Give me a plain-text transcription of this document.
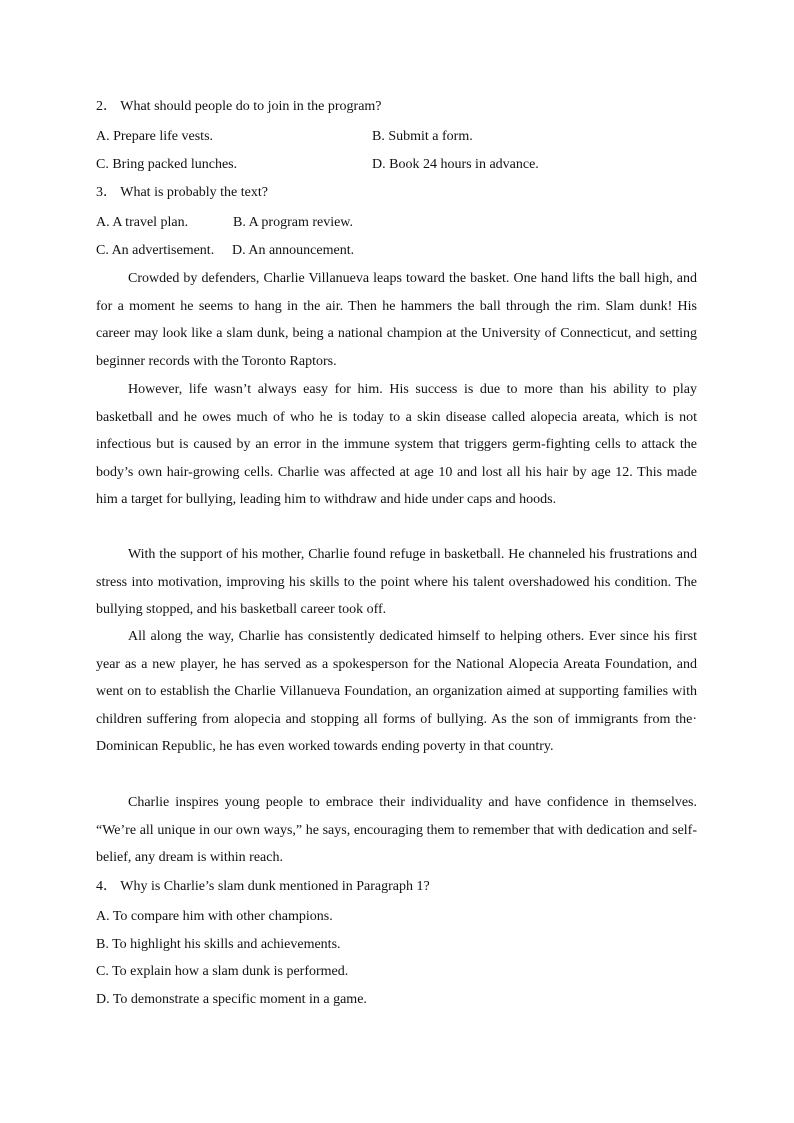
2． What should people do to join in the program?
A. Prepare life vests.	B. Submit a form.
C. Bring packed lunches.	D. Book 24 hours in advance.
3． What is probably the text?
A. A travel plan.	B. A program review.
C. An advertisement. D. An announcement.

Crowded by defenders, Charlie Villanueva leaps toward the basket. One hand lifts the ball high, and for a moment he seems to hang in the air. Then he hammers the ball through the rim. Slam dunk! His career may look like a slam dunk, being a national champion at the University of Connecticut, and setting beginner records with the Toronto Raptors.

However, life wasn’t always easy for him. His success is due to more than his ability to play basketball and he owes much of who he is today to a skin disease called alopecia areata, which is not infectious but is caused by an error in the immune system that triggers germ-fighting cells to attack the body’s own hair-growing cells. Charlie was affected at age 10 and lost all his hair by age 12. This made him a target for bullying, leading him to withdraw and hide under caps and hoods.

With the support of his mother, Charlie found refuge in basketball. He channeled his frustrations and stress into motivation, improving his skills to the point where his talent overshadowed his condition. The bullying stopped, and his basketball career took off.

All along the way, Charlie has consistently dedicated himself to helping others. Ever since his first year as a new player, he has served as a spokesperson for the National Alopecia Areata Foundation, and went on to establish the Charlie Villanueva Foundation, an organization aimed at supporting families with children suffering from alopecia and stopping all forms of bullying. As the son of immigrants from the· Dominican Republic, he has even worked towards ending poverty in that country.

Charlie inspires young people to embrace their individuality and have confidence in themselves. “We’re all unique in our own ways,” he says, encouraging them to remember that with dedication and self-belief, any dream is within reach.

4． Why is Charlie’s slam dunk mentioned in Paragraph 1?
A. To compare him with other champions.
B. To highlight his skills and achievements.
C. To explain how a slam dunk is performed.
D. To demonstrate a specific moment in a game.
